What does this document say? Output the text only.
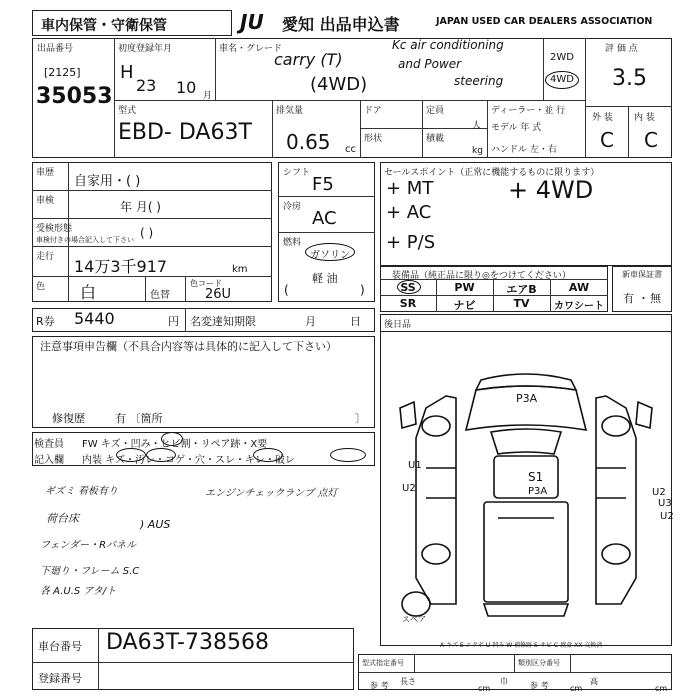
車内保管・守衛保管	JU 愛知 出品申込書	JAPAN USED CAR DEALERS ASSOCIATION
出品番号
[2125]
35053
初度登録年月
H
23 10 月
車名・グレード
carry (T)
(4WD)
Kc air conditioning
and Power
steering
2WD
4WD
評 価 点
3.5
外 装 内 装
C C
型式
EBD- DA63T
排気量
0.65 cc
ドア
形状
定員
人
積載
kg
ディーラー・並 行
モデル 年 式
ハンドル 左・右
車歴
自家用・( )
車検	年 月( )
受検形態
車検付きの場合記入して下さい ( )
走行 14万3千917	km
色 白	色替
色コード
26U
シフト
F5
冷房
AC
燃料
ガソリン
軽 油
(	)
セールスポイント（正常に機能するものに限ります）
+ MT
+ AC
+ P/S
+ 4WD
装備品（純正品に限り◎をつけてください）
SS	PW	エアB	AW
SR	ナビ	TV	カワシート
新車保証書
有 ・ 無
R券 5440	円 名変達知期限	月	日	後日品
注意事項申告欄（不具合内容等は具体的に記入して下さい）
修復歴	有 〔箇所	〕
検査員
記入欄
FW キズ・凹み・ヒビ割・リペア跡・X要
内装 キズ・汚レ・コゲ・穴・スレ・キレ・破レ
ギズミ 看板有り	エンジンチェックランプ 点灯
荷台床	) AUS
フェンダー・Rパネル
下廻り・フレーム S.C
各 A.U.S アタ/ト
P3A
S1
P3A
U1
U2	U2
U3
U2
スペア
A-キズ E-エクボ U-凹み W-補修跡 S-サビ C-腐食 XX-交換済
車台番号 DA63T-738568
登録番号
型式指定番号	類別区分番号
参 考 長さ
cm	参 考
巾
cm
高
cm
